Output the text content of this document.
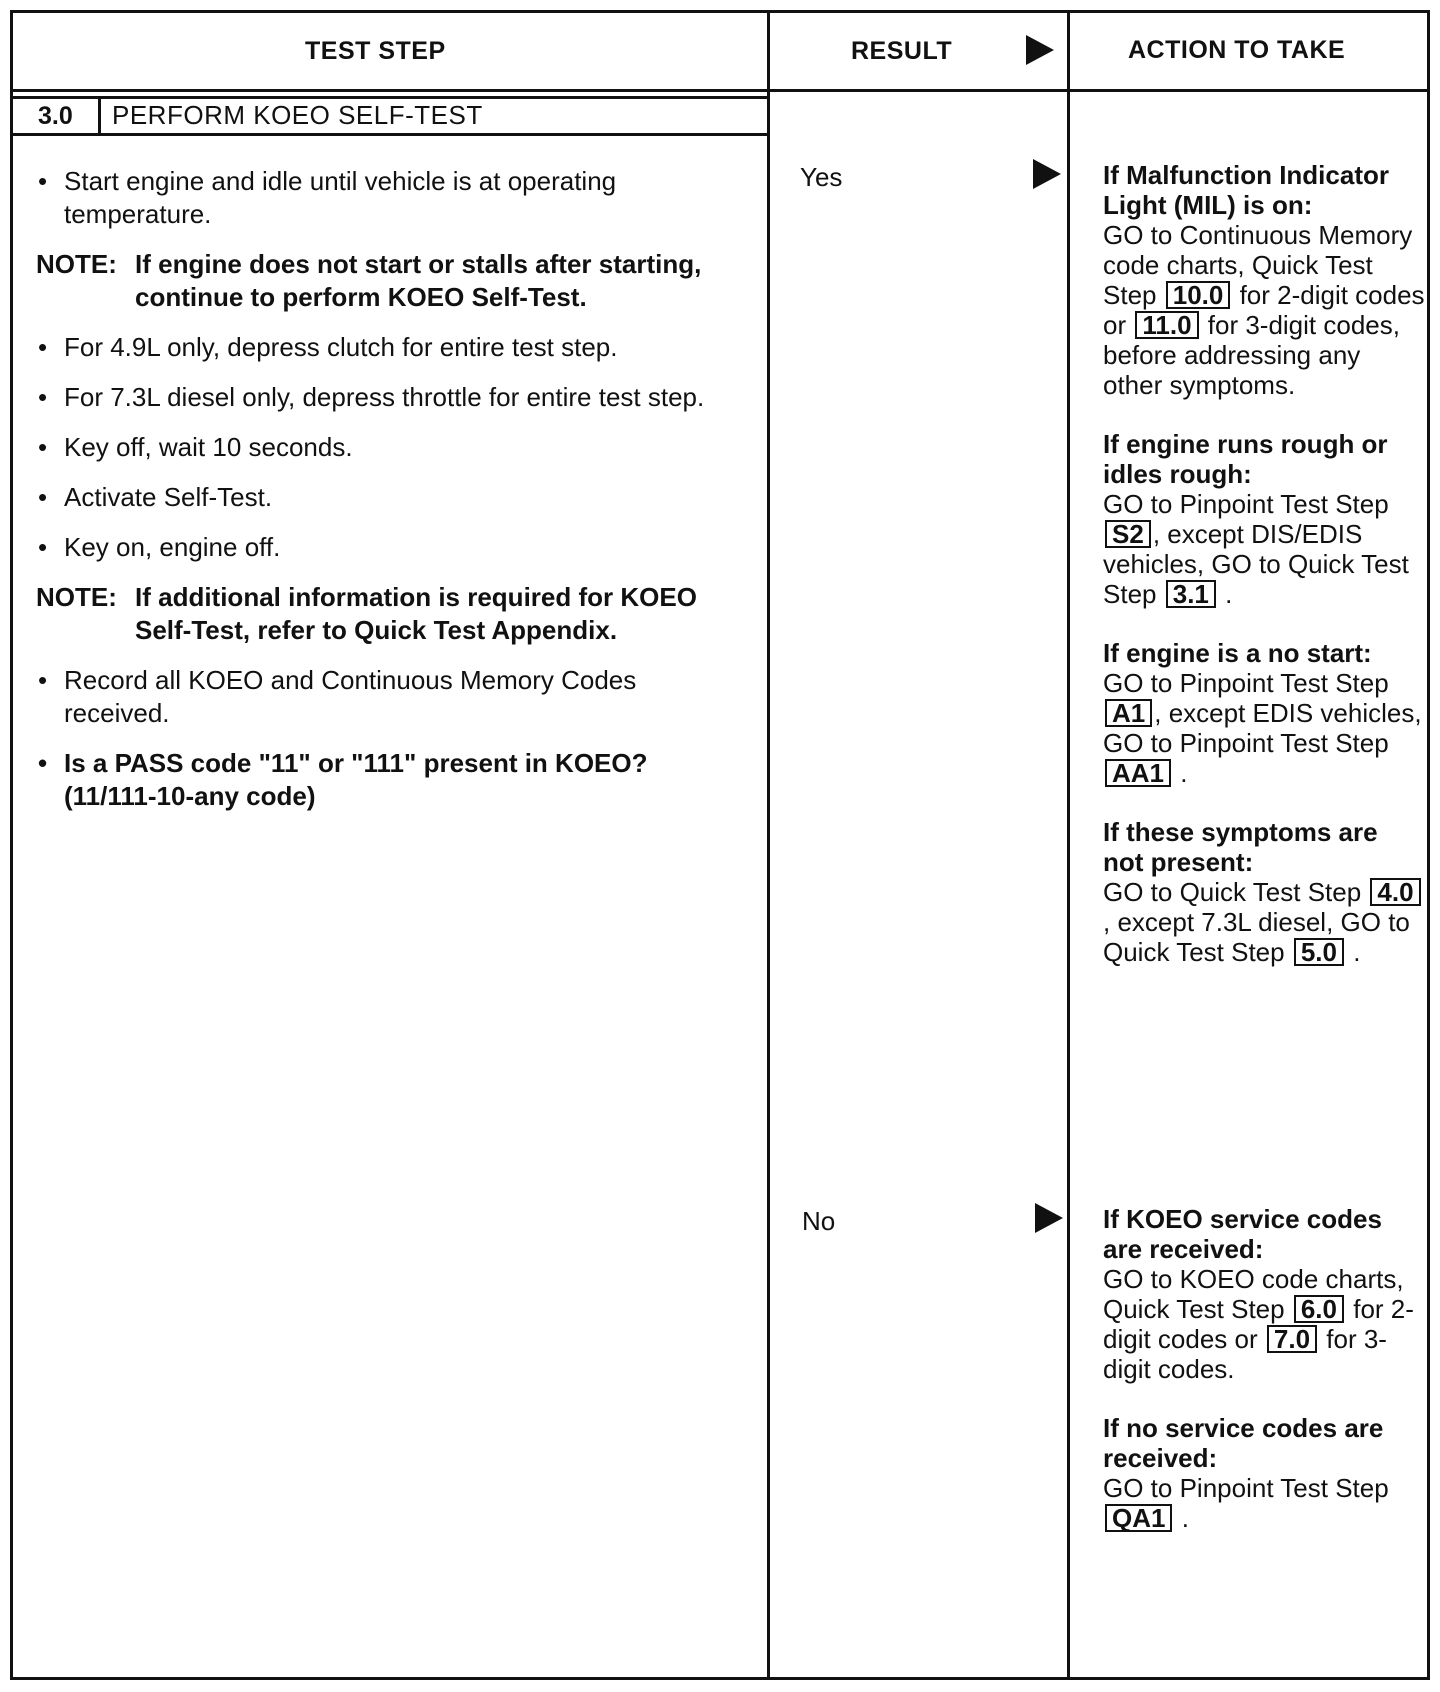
TEST STEP	RESULT	ACTION TO TAKE
3.0 PERFORM KOEO SELF-TEST
• Start engine and idle until vehicle is at operating temperature.
NOTE: If engine does not start or stalls after starting, continue to perform KOEO Self-Test.
• For 4.9L only, depress clutch for entire test step.
• For 7.3L diesel only, depress throttle for entire test step.
• Key off, wait 10 seconds.
• Activate Self-Test.
• Key on, engine off.
NOTE: If additional information is required for KOEO Self-Test, refer to Quick Test Appendix.
• Record all KOEO and Continuous Memory Codes received.
• Is a PASS code "11" or "111" present in KOEO?
(11/111-10-any code)
Yes
No
If Malfunction Indicator Light (MIL) is on:
GO to Continuous Memory code charts, Quick Test Step 10.0 for 2-digit codes or 11.0 for 3-digit codes, before addressing any other symptoms.
If engine runs rough or idles rough:
GO to Pinpoint Test Step S2 , except DIS/EDIS vehicles, GO to Quick Test Step 3.1 .
If engine is a no start:
GO to Pinpoint Test Step A1 , except EDIS vehicles, GO to Pinpoint Test Step AA1 .
If these symptoms are not present:
GO to Quick Test Step 4.0, except 7.3L diesel, GO to Quick Test Step 5.0 .
If KOEO service codes are received:
GO to KOEO code charts, Quick Test Step 6.0 for 2-digit codes or 7.0 for 3-digit codes.
If no service codes are received:
GO to Pinpoint Test Step QA1 .
